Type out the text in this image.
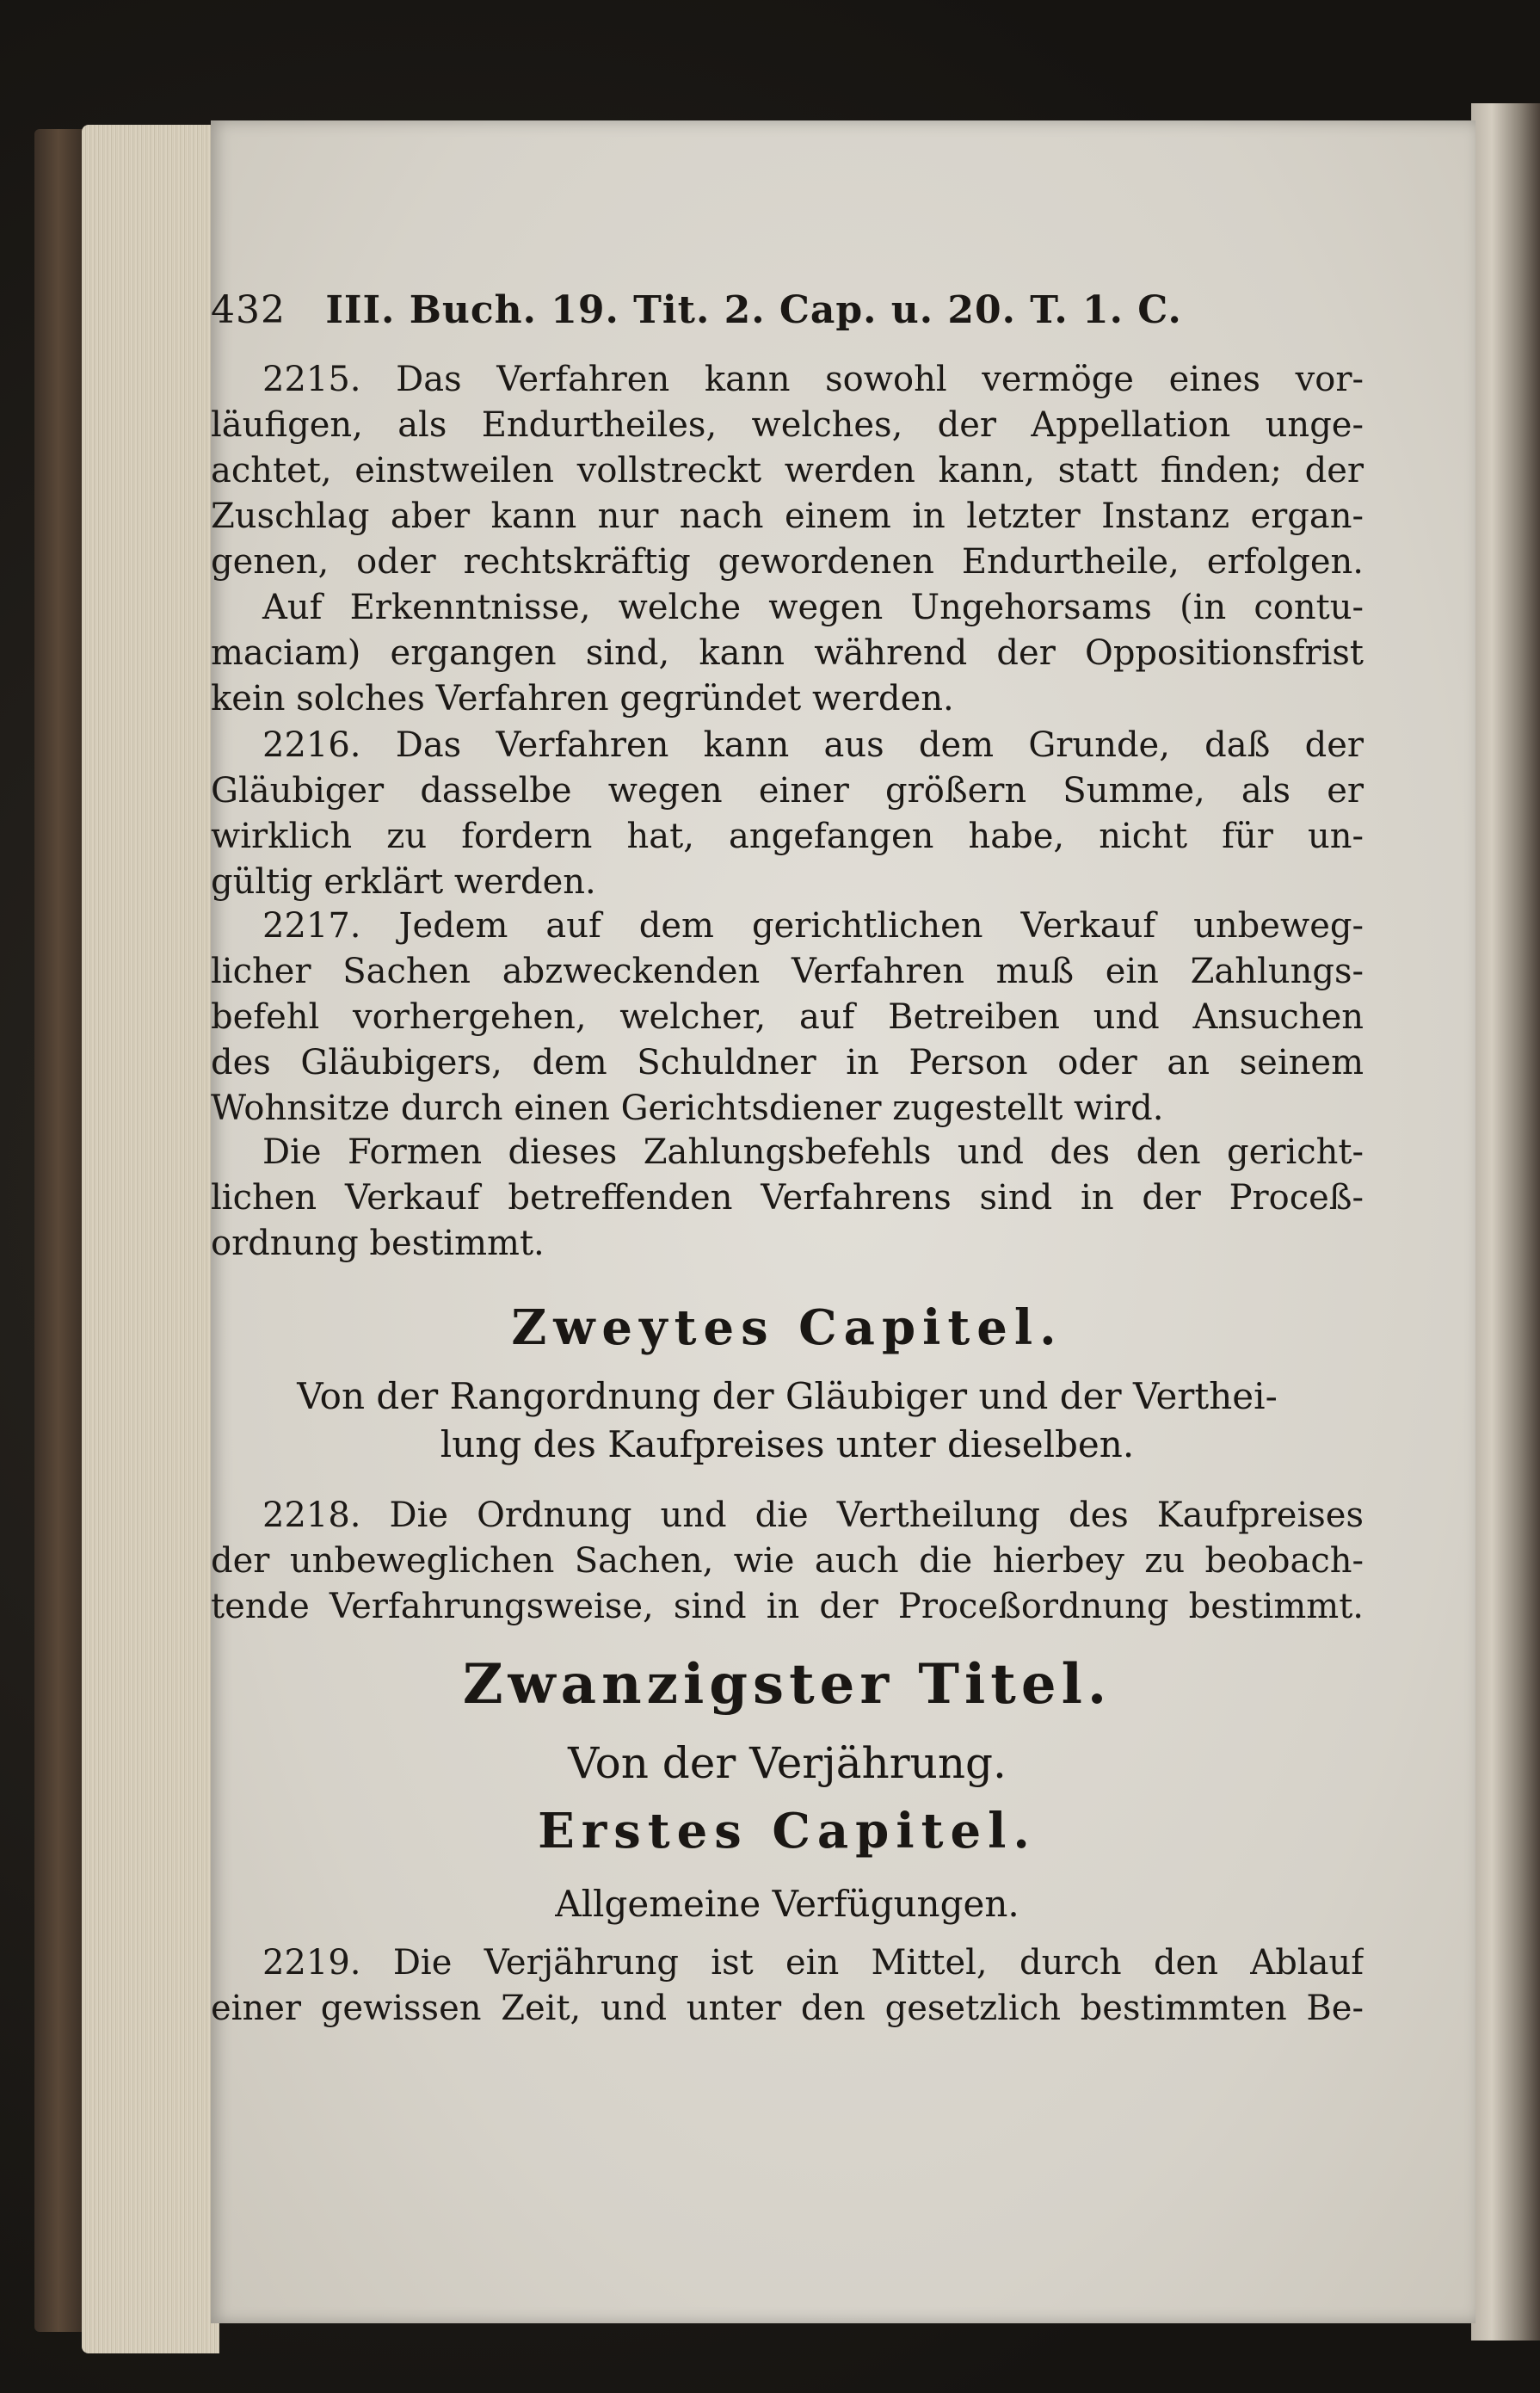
432 III. Buch. 19. Tit. 2. Cap. u. 20. T. 1. C.
2215. Das Verfahren kann sowohl vermöge eines vor-
läufigen, als Endurtheiles, welches, der Appellation unge-
achtet, einstweilen vollstreckt werden kann, statt finden; der
Zuschlag aber kann nur nach einem in letzter Instanz ergan-
genen, oder rechtskräftig gewordenen Endurtheile, erfolgen.
Auf Erkenntnisse, welche wegen Ungehorsams (in contu-
maciam) ergangen sind, kann während der Oppositionsfrist
kein solches Verfahren gegründet werden.
2216. Das Verfahren kann aus dem Grunde, daß der
Gläubiger dasselbe wegen einer größern Summe, als er
wirklich zu fordern hat, angefangen habe, nicht für un-
gültig erklärt werden.
2217. Jedem auf dem gerichtlichen Verkauf unbeweg-
licher Sachen abzweckenden Verfahren muß ein Zahlungs-
befehl vorhergehen, welcher, auf Betreiben und Ansuchen
des Gläubigers, dem Schuldner in Person oder an seinem
Wohnsitze durch einen Gerichtsdiener zugestellt wird.
Die Formen dieses Zahlungsbefehls und des den gericht-
lichen Verkauf betreffenden Verfahrens sind in der Proceß-
ordnung bestimmt.
Zweytes Capitel.
Von der Rangordnung der Gläubiger und der Verthei-
lung des Kaufpreises unter dieselben.
2218. Die Ordnung und die Vertheilung des Kaufpreises
der unbeweglichen Sachen, wie auch die hierbey zu beobach-
tende Verfahrungsweise, sind in der Proceßordnung bestimmt.
Zwanzigster Titel.
Von der Verjährung.
Erstes Capitel.
Allgemeine Verfügungen.
2219. Die Verjährung ist ein Mittel, durch den Ablauf
einer gewissen Zeit, und unter den gesetzlich bestimmten Be-
